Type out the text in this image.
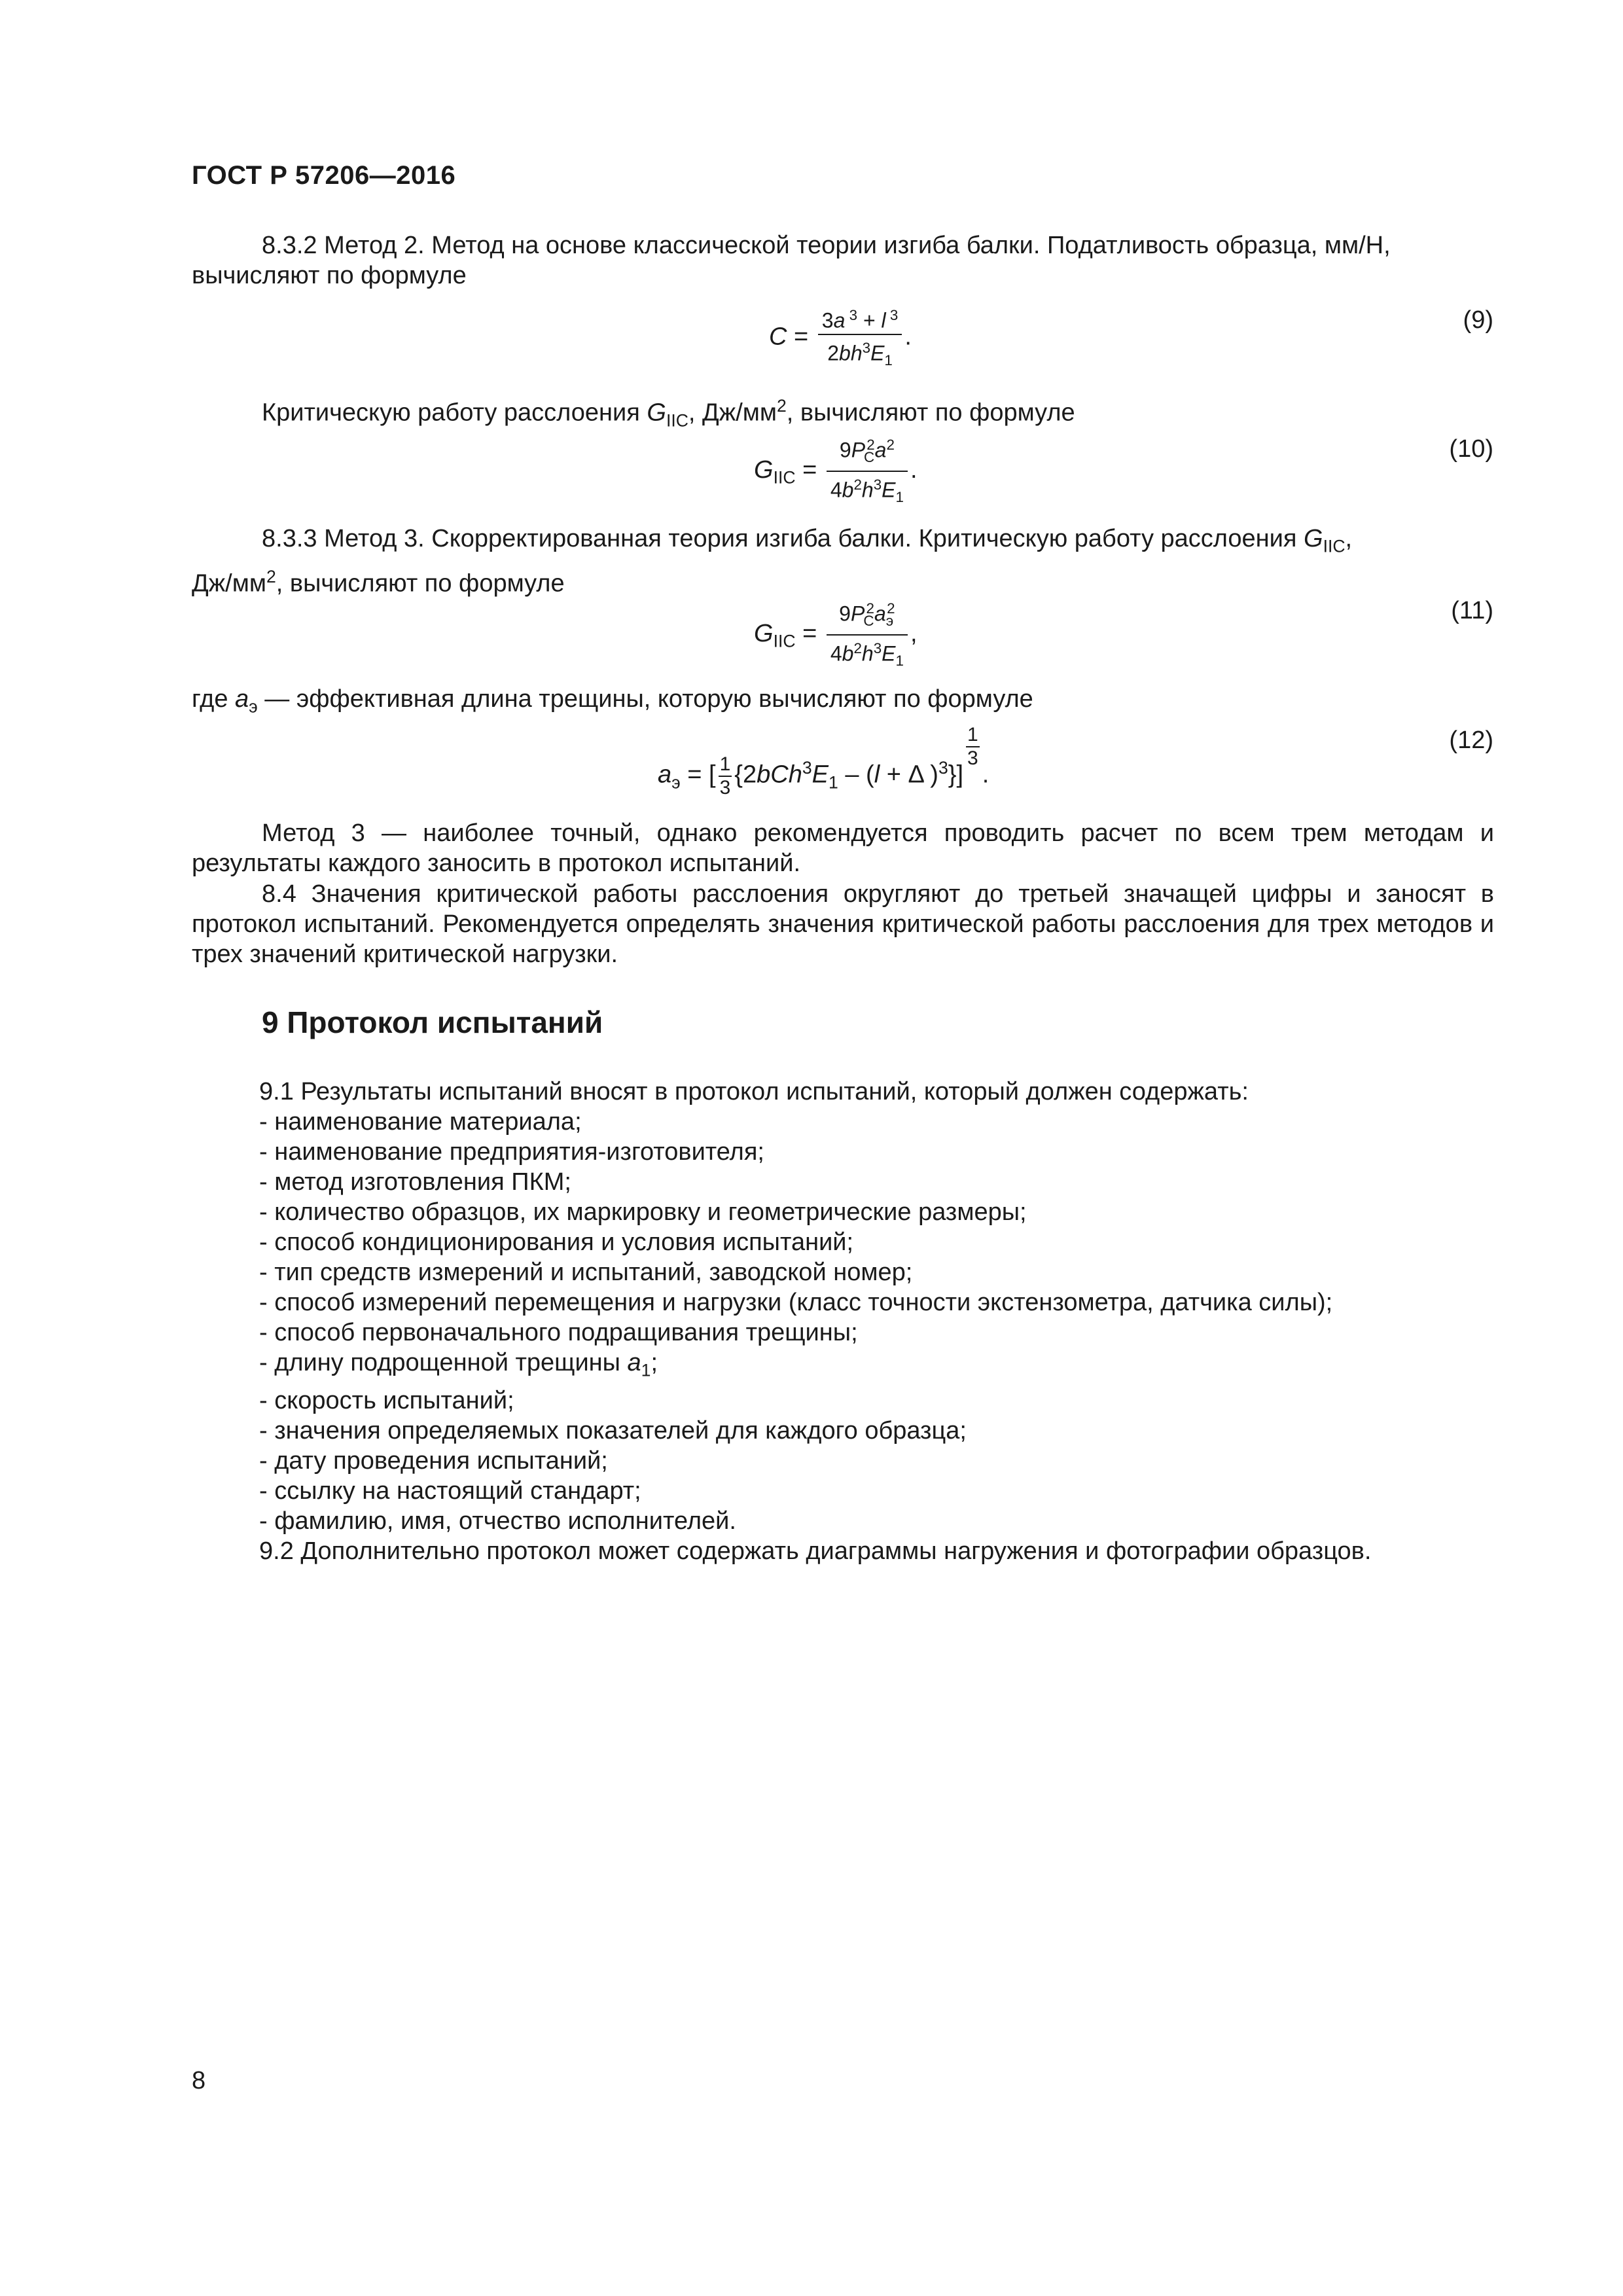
ГОСТ Р 57206—2016
8.3.2 Метод 2. Метод на основе классической теории изгиба балки. Податливость образца, мм/Н,
вычисляют по формуле
$C = \frac{3a ^3 + l ^3}{2bh^3E_1}$ .
(9)
Критическую работу расслоения $G_{IIC}$, $Дж/мм^2$, вычисляют по формуле
$G_{IIC} = \frac{9P_C^2a^2}{4b^2h^3E_1}$ .
(10)
8.3.3 Метод 3. Скорректированная теория изгиба балки. Критическую работу расслоения $G_{IIC}$,
$Дж/мм^2$, вычисляют по формуле
$G_{IIC} = \frac{9P_C^2a_э^2}{4b^2h^3E_1}$ ,
(11)
где $a_э$ — эффективная длина трещины, которую вычисляют по формуле
$a_э$ = [ $\frac{1}{3} \{2bCh^3E_1 - (l + \Delta$ )$^3$}]
$\frac{1}{3}$
.
(12)
Метод 3 — наиболее точный, однако рекомендуется проводить расчет по всем трем методам и результаты каждого заносить в протокол испытаний.
8.4 Значения критической работы расслоения округляют до третьей значащей цифры и заносят в протокол испытаний. Рекомендуется определять значения критической работы расслоения для трех методов и трех значений критической нагрузки.
9 Протокол испытаний
9.1 Результаты испытаний вносят в протокол испытаний, который должен содержать:
- наименование материала;
- наименование предприятия-изготовителя;
- метод изготовления ПКМ;
- количество образцов, их маркировку и геометрические размеры;
- способ кондиционирования и условия испытаний;
- тип средств измерений и испытаний, заводской номер;
- способ измерений перемещения и нагрузки (класс точности экстензометра, датчика силы);
- способ первоначального подращивания трещины;
- длину подрощенной трещины $a_1$;
- скорость испытаний;
- значения определяемых показателей для каждого образца;
- дату проведения испытаний;
- ссылку на настоящий стандарт;
- фамилию, имя, отчество исполнителей.
9.2 Дополнительно протокол может содержать диаграммы нагружения и фотографии образцов.
8
